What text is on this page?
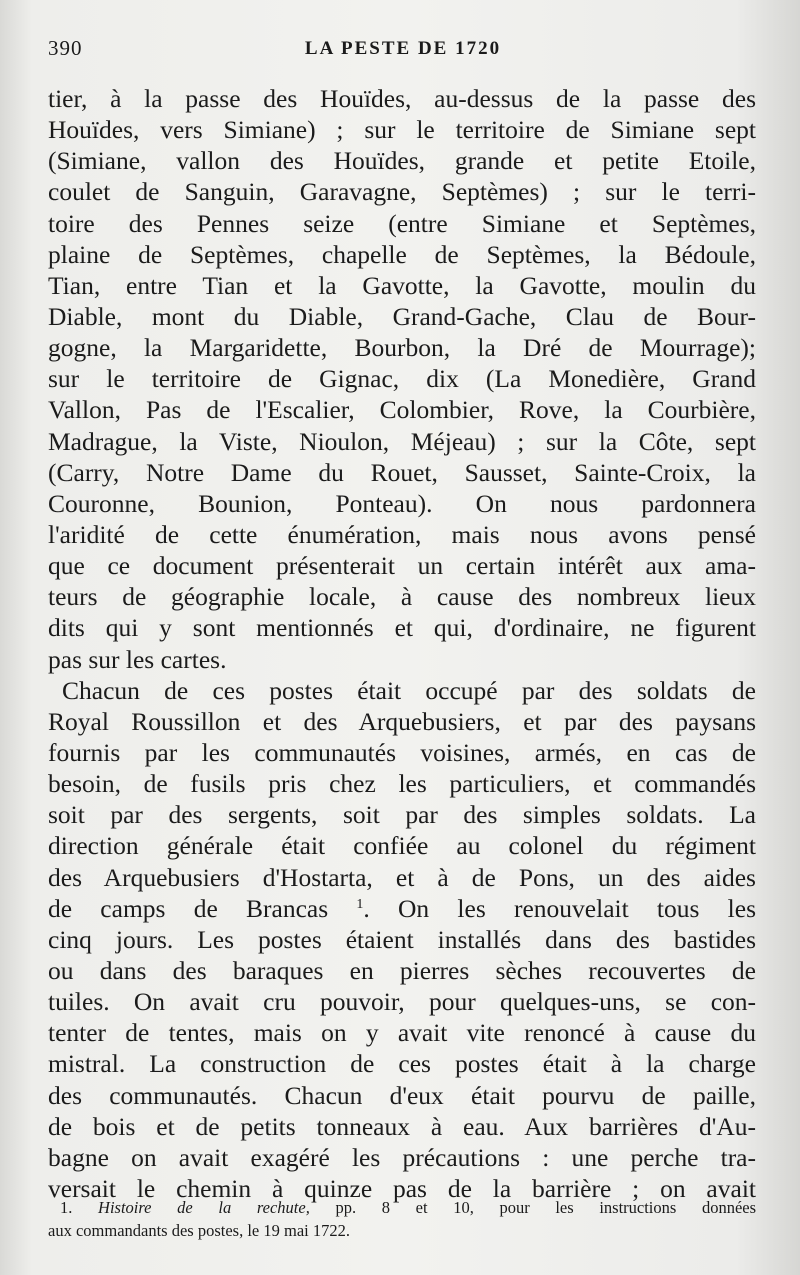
390	LA PESTE DE 1720
tier, à la passe des Houïdes, au-dessus de la passe des
Houïdes, vers Simiane) ; sur le territoire de Simiane sept
(Simiane, vallon des Houïdes, grande et petite Etoile,
coulet de Sanguin, Garavagne, Septèmes) ; sur le terri-
toire des Pennes seize (entre Simiane et Septèmes,
plaine de Septèmes, chapelle de Septèmes, la Bédoule,
Tian, entre Tian et la Gavotte, la Gavotte, moulin du
Diable, mont du Diable, Grand-Gache, Clau de Bour-
gogne, la Margaridette, Bourbon, la Dré de Mourrage);
sur le territoire de Gignac, dix (La Monedière, Grand
Vallon, Pas de l'Escalier, Colombier, Rove, la Courbière,
Madrague, la Viste, Nioulon, Méjeau) ; sur la Côte, sept
(Carry, Notre Dame du Rouet, Sausset, Sainte-Croix, la
Couronne, Bounion, Ponteau). On nous pardonnera
l'aridité de cette énumération, mais nous avons pensé
que ce document présenterait un certain intérêt aux ama-
teurs de géographie locale, à cause des nombreux lieux
dits qui y sont mentionnés et qui, d'ordinaire, ne figurent
pas sur les cartes.
Chacun de ces postes était occupé par des soldats de
Royal Roussillon et des Arquebusiers, et par des paysans
fournis par les communautés voisines, armés, en cas de
besoin, de fusils pris chez les particuliers, et commandés
soit par des sergents, soit par des simples soldats. La
direction générale était confiée au colonel du régiment
des Arquebusiers d'Hostarta, et à de Pons, un des aides
de camps de Brancas $^1$. On les renouvelait tous les
cinq jours. Les postes étaient installés dans des bastides
ou dans des baraques en pierres sèches recouvertes de
tuiles. On avait cru pouvoir, pour quelques-uns, se con-
tenter de tentes, mais on y avait vite renoncé à cause du
mistral. La construction de ces postes était à la charge
des communautés. Chacun d'eux était pourvu de paille,
de bois et de petits tonneaux à eau. Aux barrières d'Au-
bagne on avait exagéré les précautions : une perche tra-
versait le chemin à quinze pas de la barrière ; on avait
1. Histoire de la rechute, pp. 8 et 10, pour les instructions données
aux commandants des postes, le 19 mai 1722.
